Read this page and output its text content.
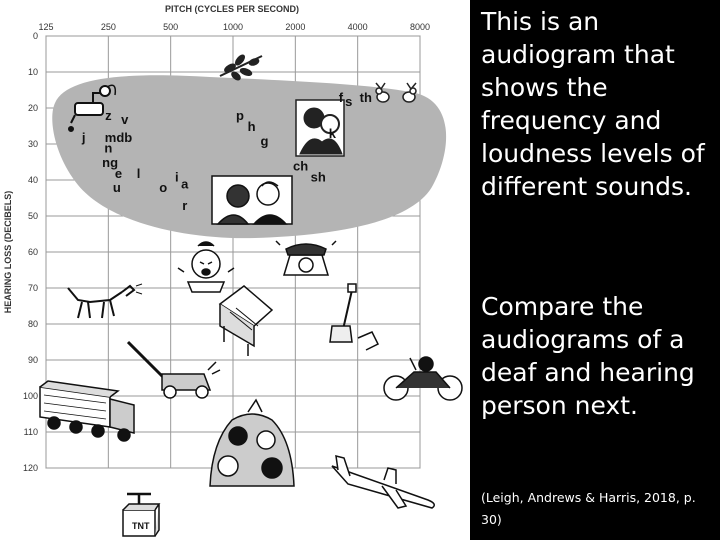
125	250	500	1000	2000	4000	8000
0
10
20
30
40
50
60
70
80
90
100
110
120
TNT
z v
j mdb
n
ng
e l
u	o
i a
r
p
h
g
f s th
k
ch
sh
PITCH (CYCLES PER SECOND)
HEARING LOSS (DECIBELS)

This is an audiogram that shows the frequency and loudness levels of different sounds.

Compare the audiograms of a deaf and hearing person next.

(Leigh, Andrews & Harris, 2018, p. 30)
